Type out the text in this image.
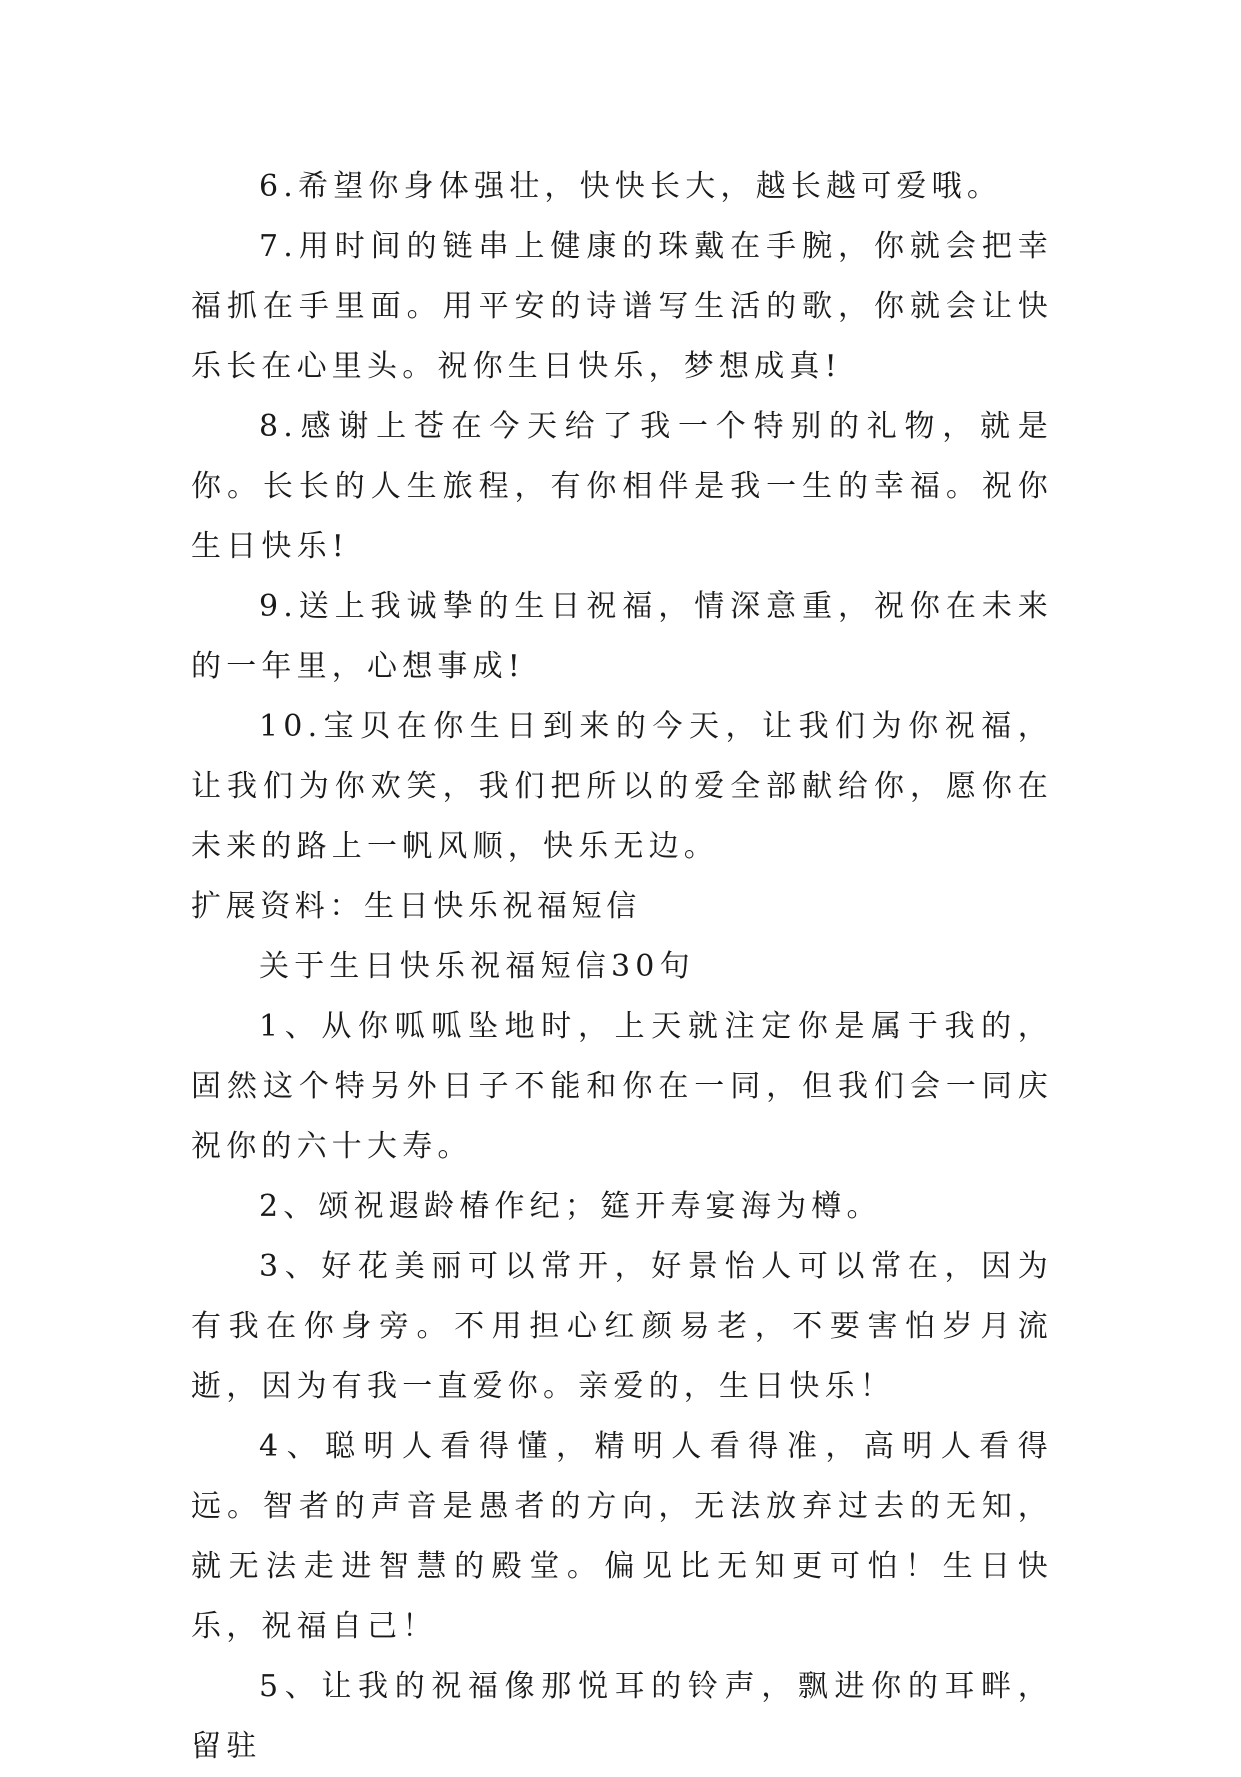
6.希望你身体强壮，快快长大，越长越可爱哦。

7.用时间的链串上健康的珠戴在手腕，你就会把幸福抓在手里面。用平安的诗谱写生活的歌，你就会让快乐长在心里头。祝你生日快乐，梦想成真!

8.感谢上苍在今天给了我一个特别的礼物，就是你。长长的人生旅程，有你相伴是我一生的幸福。祝你生日快乐!

9.送上我诚挚的生日祝福，情深意重，祝你在未来的一年里，心想事成!

10.宝贝在你生日到来的今天，让我们为你祝福，让我们为你欢笑，我们把所以的爱全部献给你，愿你在未来的路上一帆风顺，快乐无边。

扩展资料：生日快乐祝福短信

关于生日快乐祝福短信30句

1、从你呱呱坠地时，上天就注定你是属于我的，固然这个特另外日子不能和你在一同，但我们会一同庆祝你的六十大寿。

2、颂祝遐龄椿作纪；筵开寿宴海为樽。

3、好花美丽可以常开，好景怡人可以常在，因为有我在你身旁。不用担心红颜易老，不要害怕岁月流逝，因为有我一直爱你。亲爱的，生日快乐！

4、聪明人看得懂，精明人看得准，高明人看得远。智者的声音是愚者的方向，无法放弃过去的无知，就无法走进智慧的殿堂。偏见比无知更可怕！生日快乐，祝福自己！

5、让我的祝福像那悦耳的铃声，飘进你的耳畔，留驻
